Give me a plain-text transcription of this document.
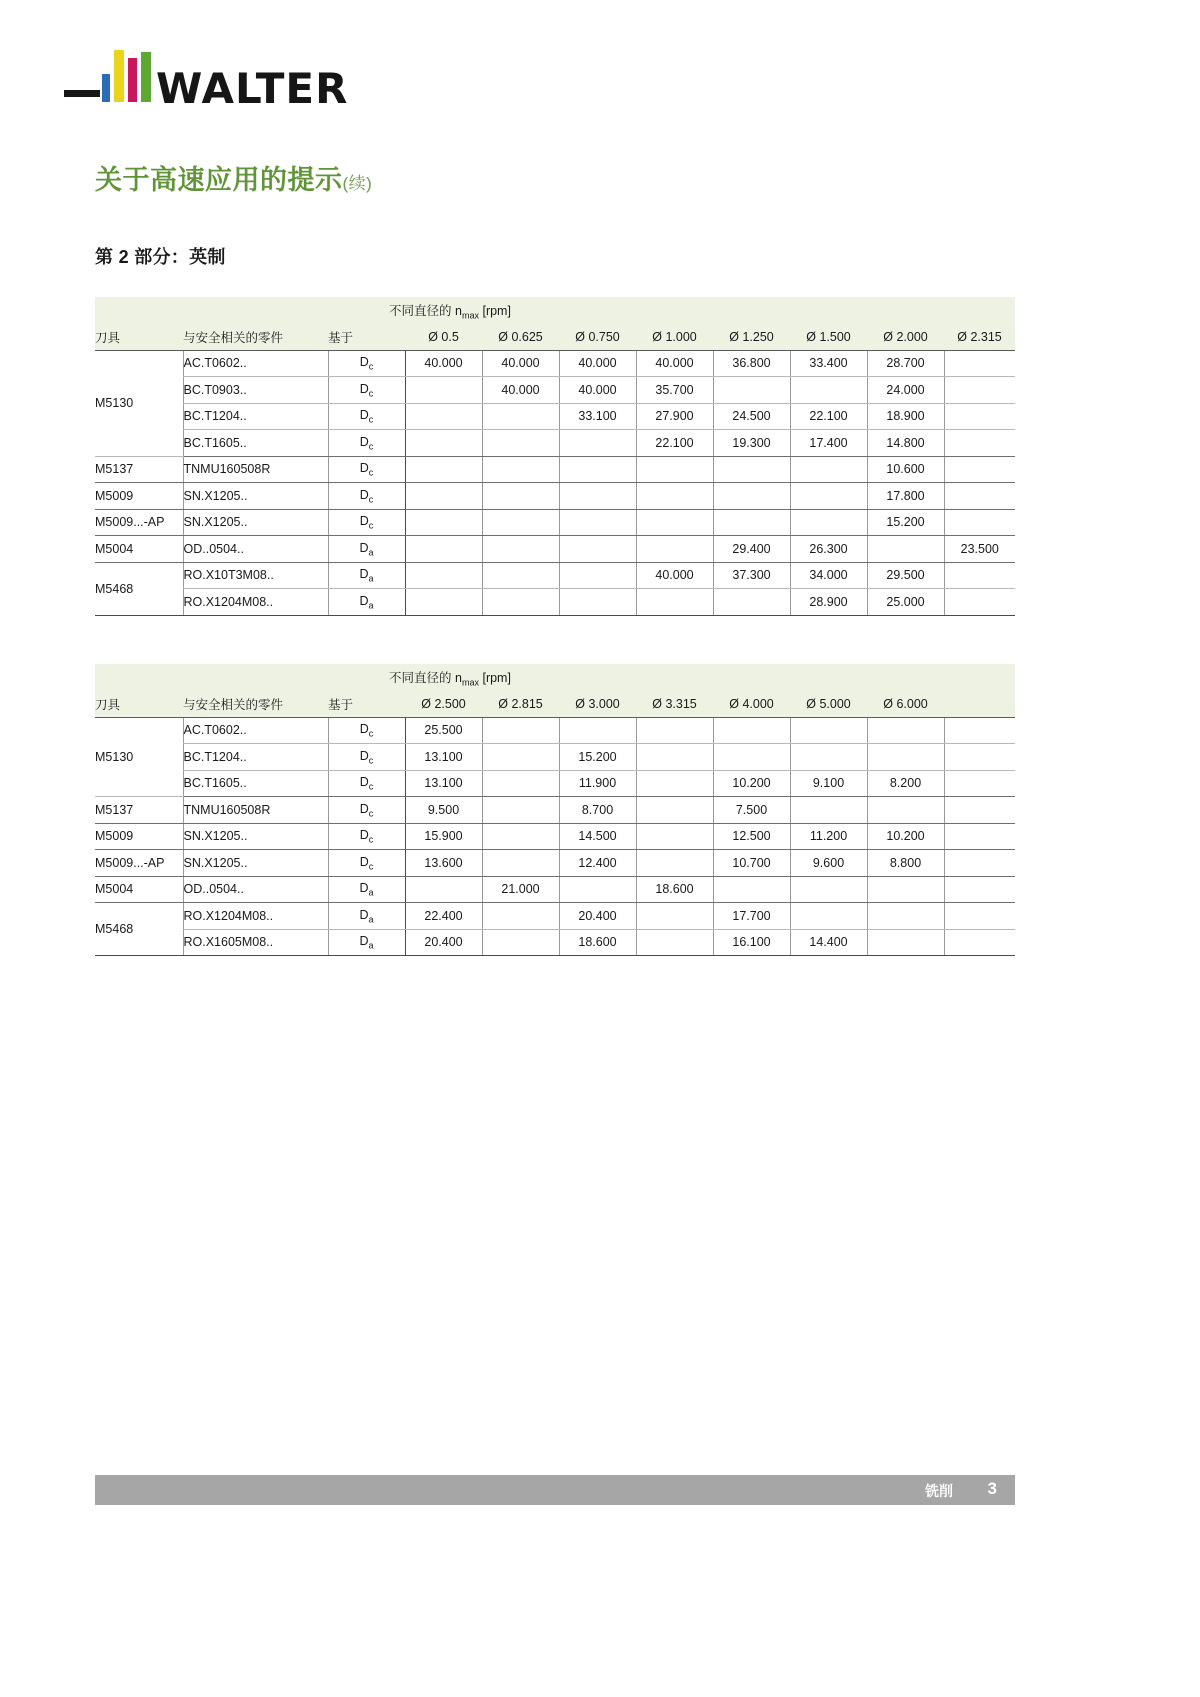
WALTER
关于高速应用的提示(续)
第 2 部分：英制
不同直径的 $n_{max}$ [rpm]										
刀具	与安全相关的零件	基于	Ø 0.5	Ø 0.625	Ø 0.750	Ø 1.000	Ø 1.250	Ø 1.500	Ø 2.000	Ø 2.315
M5130	AC.T0602..	$D_c$	40.000	40.000	40.000	40.000	36.800	33.400	28.700	
	BC.T0903..	$D_c$		40.000	40.000	35.700			24.000	
	BC.T1204..	$D_c$			33.100	27.900	24.500	22.100	18.900	
	BC.T1605..	$D_c$				22.100	19.300	17.400	14.800	
M5137	TNMU160508R	$D_c$							10.600	
M5009	SN.X1205..	$D_c$							17.800	
M5009...-AP	SN.X1205..	$D_c$							15.200	
M5004	OD..0504..	$D_a$					29.400	26.300		23.500
M5468	RO.X10T3M08..	$D_a$				40.000	37.300	34.000	29.500	
	RO.X1204M08..	$D_a$						28.900	25.000	
不同直径的 $n_{max}$ [rpm]										
刀具	与安全相关的零件	基于	Ø 2.500	Ø 2.815	Ø 3.000	Ø 3.315	Ø 4.000	Ø 5.000	Ø 6.000	
M5130	AC.T0602..	$D_c$	25.500							
	BC.T1204..	$D_c$	13.100		15.200					
	BC.T1605..	$D_c$	13.100		11.900		10.200	9.100	8.200	
M5137	TNMU160508R	$D_c$	9.500		8.700		7.500			
M5009	SN.X1205..	$D_c$	15.900		14.500		12.500	11.200	10.200	
M5009...-AP	SN.X1205..	$D_c$	13.600		12.400		10.700	9.600	8.800	
M5004	OD..0504..	$D_a$		21.000		18.600				
M5468	RO.X1204M08..	$D_a$	22.400		20.400		17.700			
	RO.X1605M08..	$D_a$	20.400		18.600		16.100	14.400		
铣削 3
